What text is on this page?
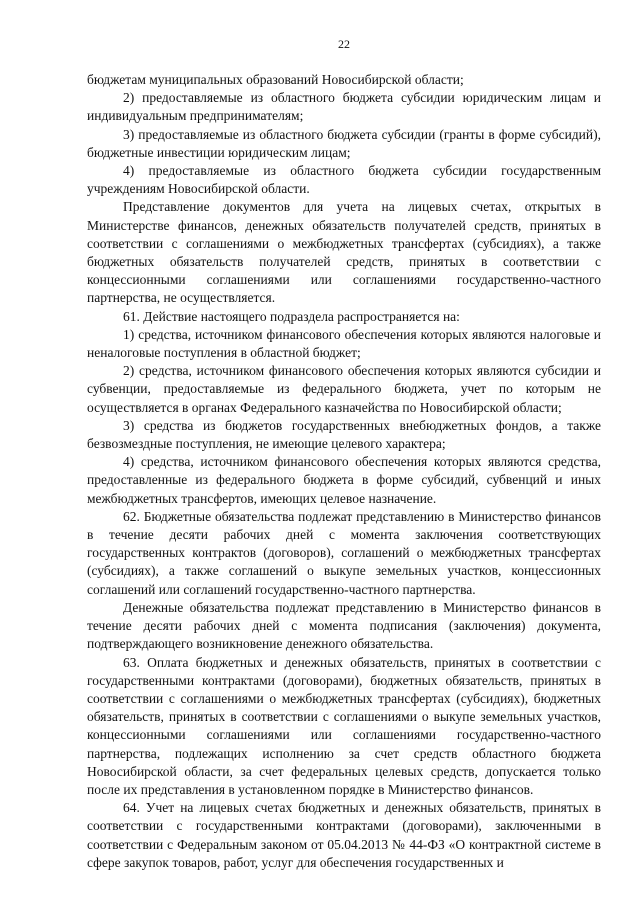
22

бюджетам муниципальных образований Новосибирской области;

2) предоставляемые из областного бюджета субсидии юридическим лицам и индивидуальным предпринимателям;

3) предоставляемые из областного бюджета субсидии (гранты в форме субсидий), бюджетные инвестиции юридическим лицам;

4) предоставляемые из областного бюджета субсидии государственным учреждениям Новосибирской области.

Представление документов для учета на лицевых счетах, открытых в Министерстве финансов, денежных обязательств получателей средств, принятых в соответствии с соглашениями о межбюджетных трансфертах (субсидиях), а также бюджетных обязательств получателей средств, принятых в соответствии с концессионными соглашениями или соглашениями государственно-частного партнерства, не осуществляется.

61. Действие настоящего подраздела распространяется на:

1) средства, источником финансового обеспечения которых являются налоговые и неналоговые поступления в областной бюджет;

2) средства, источником финансового обеспечения которых являются субсидии и субвенции, предоставляемые из федерального бюджета, учет по которым не осуществляется в органах Федерального казначейства по Новосибирской области;

3) средства из бюджетов государственных внебюджетных фондов, а также безвозмездные поступления, не имеющие целевого характера;

4) средства, источником финансового обеспечения которых являются средства, предоставленные из федерального бюджета в форме субсидий, субвенций и иных межбюджетных трансфертов, имеющих целевое назначение.

62. Бюджетные обязательства подлежат представлению в Министерство финансов в течение десяти рабочих дней с момента заключения соответствующих государственных контрактов (договоров), соглашений о межбюджетных трансфертах (субсидиях), а также соглашений о выкупе земельных участков, концессионных соглашений или соглашений государственно-частного партнерства.

Денежные обязательства подлежат представлению в Министерство финансов в течение десяти рабочих дней с момента подписания (заключения) документа, подтверждающего возникновение денежного обязательства.

63. Оплата бюджетных и денежных обязательств, принятых в соответствии с государственными контрактами (договорами), бюджетных обязательств, принятых в соответствии с соглашениями о межбюджетных трансфертах (субсидиях), бюджетных обязательств, принятых в соответствии с соглашениями о выкупе земельных участков, концессионными соглашениями или соглашениями государственно-частного партнерства, подлежащих исполнению за счет средств областного бюджета Новосибирской области, за счет федеральных целевых средств, допускается только после их представления в установленном порядке в Министерство финансов.

64. Учет на лицевых счетах бюджетных и денежных обязательств, принятых в соответствии с государственными контрактами (договорами), заключенными в соответствии с Федеральным законом от 05.04.2013 № 44-ФЗ «О контрактной системе в сфере закупок товаров, работ, услуг для обеспечения государственных и
